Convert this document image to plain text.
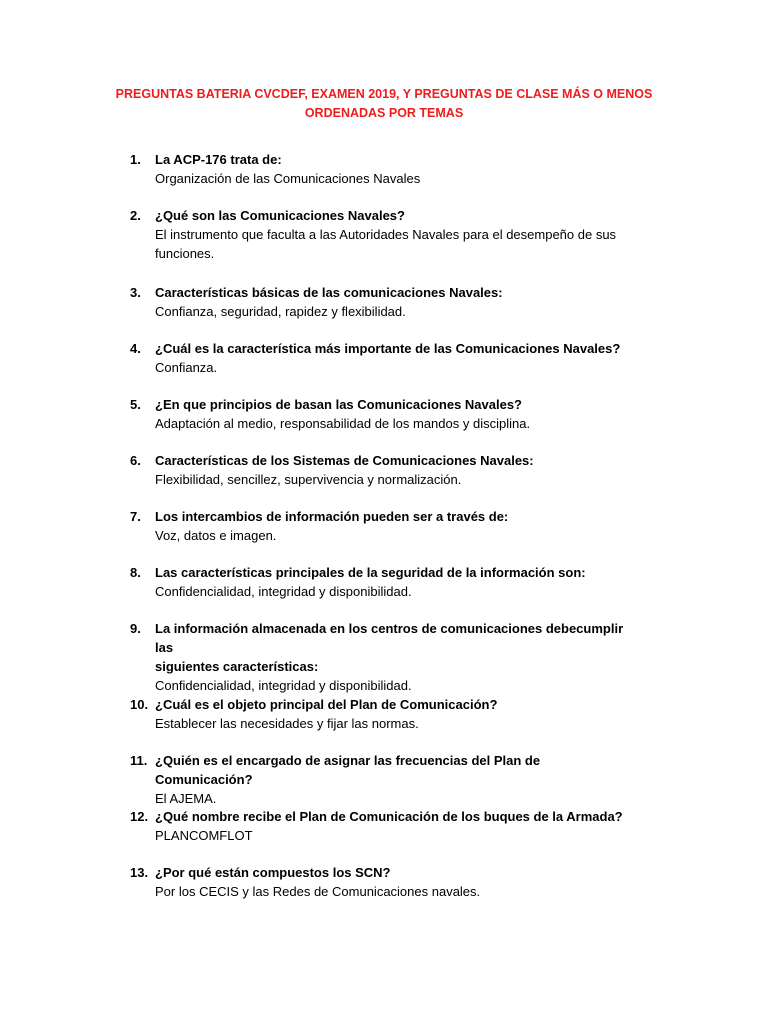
PREGUNTAS BATERIA CVCDEF, EXAMEN 2019, Y PREGUNTAS DE CLASE MÁS O MENOS
ORDENADAS POR TEMAS
1.	La ACP-176 trata de:
Organización de las Comunicaciones Navales
2.	¿Qué son las Comunicaciones Navales?
El instrumento que faculta a las Autoridades Navales para el desempeño de sus
funciones.
3.	Características básicas de las comunicaciones Navales:
Confianza, seguridad, rapidez y flexibilidad.
4.	¿Cuál es la característica más importante de las Comunicaciones Navales?
Confianza.
5.	¿En que principios de basan las Comunicaciones Navales?
Adaptación al medio, responsabilidad de los mandos y disciplina.
6.	Características de los Sistemas de Comunicaciones Navales:
Flexibilidad, sencillez, supervivencia y normalización.
7.	Los intercambios de información pueden ser a través de:
Voz, datos e imagen.
8.	Las características principales de la seguridad de la información son:
Confidencialidad, integridad y disponibilidad.
9.	La información almacenada en los centros de comunicaciones debecumplir las
siguientes características:
Confidencialidad, integridad y disponibilidad.
10. ¿Cuál es el objeto principal del Plan de Comunicación?
Establecer las necesidades y fijar las normas.
11. ¿Quién es el encargado de asignar las frecuencias del Plan de Comunicación?
El AJEMA.
12. ¿Qué nombre recibe el Plan de Comunicación de los buques de la Armada?
PLANCOMFLOT
13. ¿Por qué están compuestos los SCN?
Por los CECIS y las Redes de Comunicaciones navales.
